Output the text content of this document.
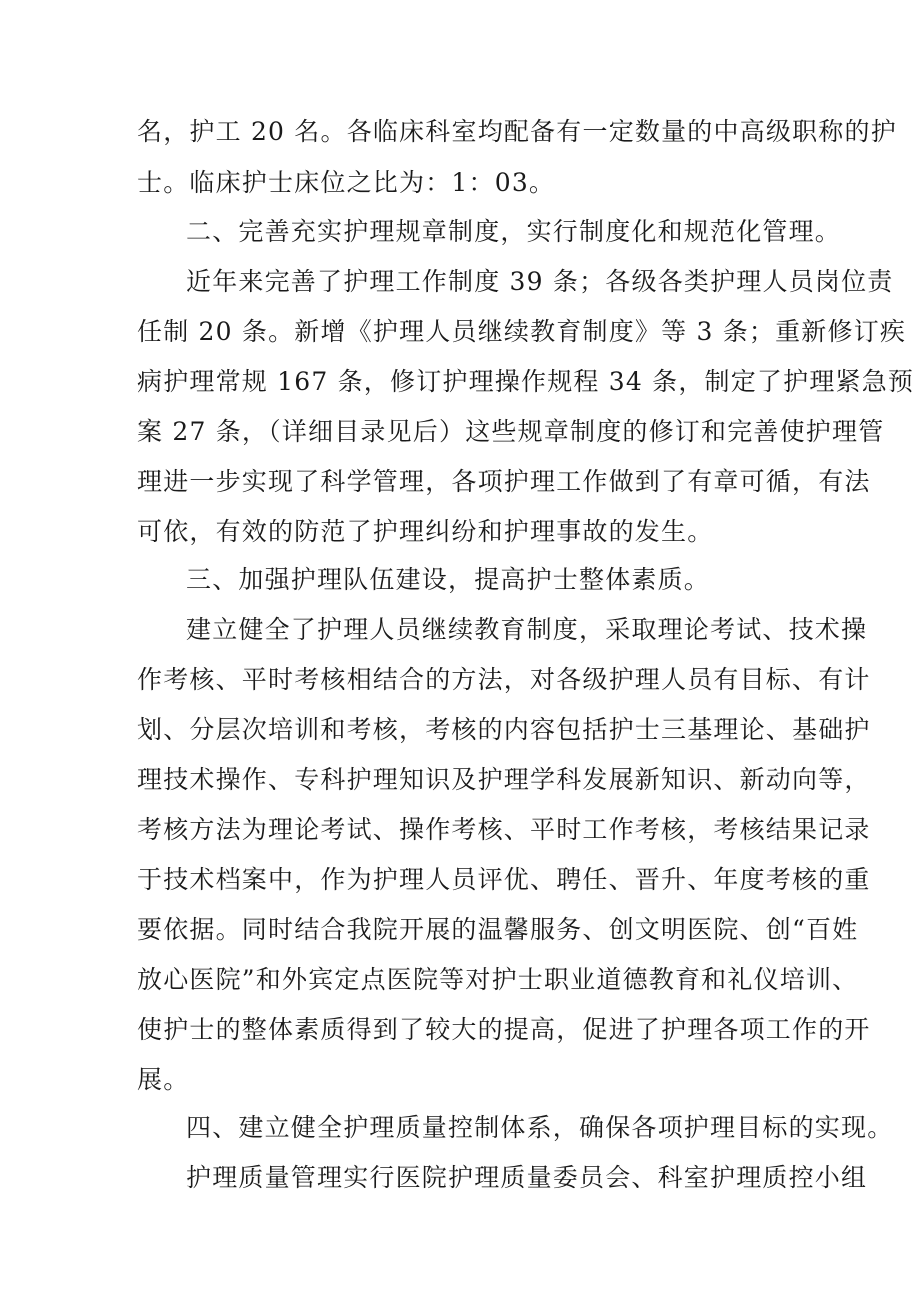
名，护工 20 名。各临床科室均配备有一定数量的中高级职称的护
士。临床护士床位之比为：1：03。
二、完善充实护理规章制度，实行制度化和规范化管理。
近年来完善了护理工作制度 39 条；各级各类护理人员岗位责
任制 20 条。新增《护理人员继续教育制度》等 3 条；重新修订疾
病护理常规 167 条，修订护理操作规程 34 条，制定了护理紧急预
案 27 条，（详细目录见后）这些规章制度的修订和完善使护理管
理进一步实现了科学管理，各项护理工作做到了有章可循，有法
可依，有效的防范了护理纠纷和护理事故的发生。
三、加强护理队伍建设，提高护士整体素质。
建立健全了护理人员继续教育制度，采取理论考试、技术操
作考核、平时考核相结合的方法，对各级护理人员有目标、有计
划、分层次培训和考核，考核的内容包括护士三基理论、基础护
理技术操作、专科护理知识及护理学科发展新知识、新动向等，
考核方法为理论考试、操作考核、平时工作考核，考核结果记录
于技术档案中，作为护理人员评优、聘任、晋升、年度考核的重
要依据。同时结合我院开展的温馨服务、创文明医院、创“百姓
放心医院”和外宾定点医院等对护士职业道德教育和礼仪培训、
使护士的整体素质得到了较大的提高，促进了护理各项工作的开
展。
四、建立健全护理质量控制体系，确保各项护理目标的实现。
护理质量管理实行医院护理质量委员会、科室护理质控小组
